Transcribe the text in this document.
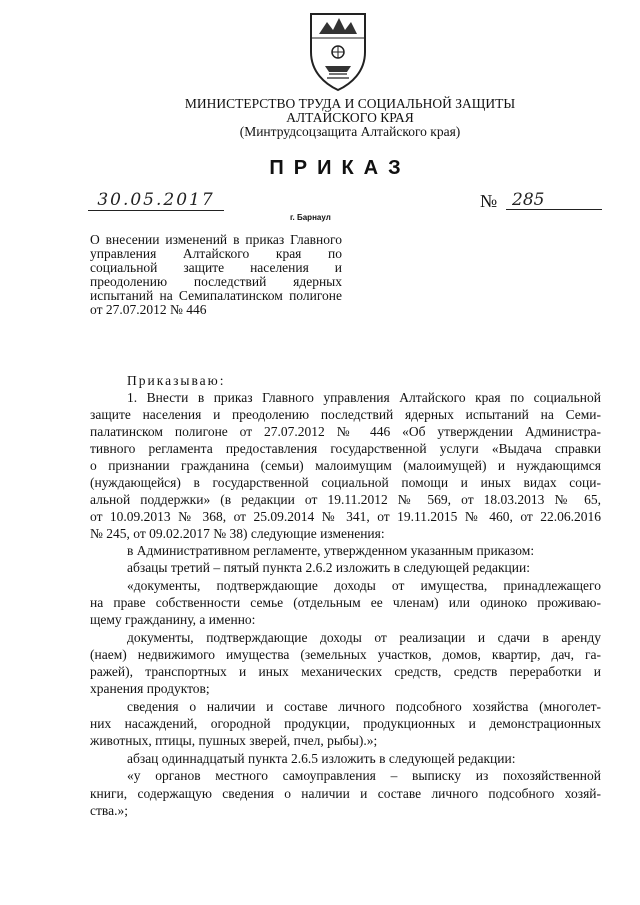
МИНИСТЕРСТВО ТРУДА И СОЦИАЛЬНОЙ ЗАЩИТЫ
АЛТАЙСКОГО КРАЯ
(Минтрудсоцзащита Алтайского края)
ПРИКАЗ
30.05.2017	№ 285
г. Барнаул
О внесении изменений в приказ Главного управления Алтайского края по социальной защите населения и преодолению последствий ядерных испытаний на Семипалатинском полигоне от 27.07.2012 № 446
Приказываю:
1. Внести в приказ Главного управления Алтайского края по социальной
защите населения и преодолению последствий ядерных испытаний на Семи-
палатинском полигоне от 27.07.2012 № 446 «Об утверждении Администра-
тивного регламента предоставления государственной услуги «Выдача справки
о признании гражданина (семьи) малоимущим (малоимущей) и нуждающимся
(нуждающейся) в государственной социальной помощи и иных видах соци-
альной поддержки» (в редакции от 19.11.2012 № 569, от 18.03.2013 № 65,
от 10.09.2013 № 368, от 25.09.2014 № 341, от 19.11.2015 № 460, от 22.06.2016
№ 245, от 09.02.2017 № 38) следующие изменения:
в Административном регламенте, утвержденном указанным приказом:
абзацы третий – пятый пункта 2.6.2 изложить в следующей редакции:
«документы, подтверждающие доходы от имущества, принадлежащего
на праве собственности семье (отдельным ее членам) или одиноко проживаю-
щему гражданину, а именно:
документы, подтверждающие доходы от реализации и сдачи в аренду
(наем) недвижимого имущества (земельных участков, домов, квартир, дач, га-
ражей), транспортных и иных механических средств, средств переработки и
хранения продуктов;
сведения о наличии и составе личного подсобного хозяйства (многолет-
них насаждений, огородной продукции, продукционных и демонстрационных
животных, птицы, пушных зверей, пчел, рыбы).»;
абзац одиннадцатый пункта 2.6.5 изложить в следующей редакции:
«у органов местного самоуправления – выписку из похозяйственной
книги, содержащую сведения о наличии и составе личного подсобного хозяй-
ства.»;
